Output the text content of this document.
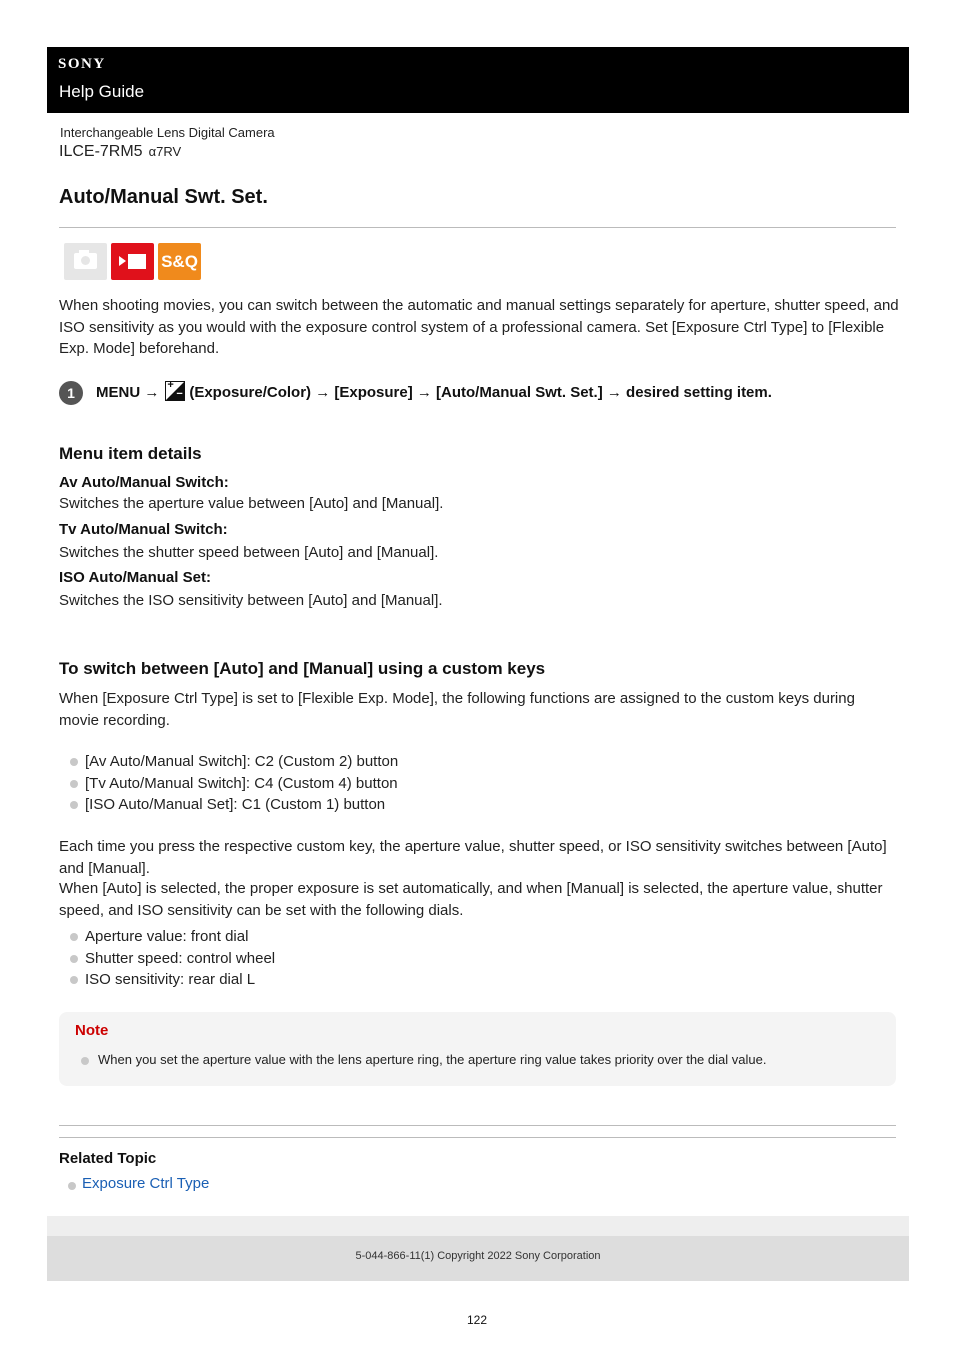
SONY
Help Guide
Interchangeable Lens Digital Camera
ILCE-7RM5 α7RV
Auto/Manual Swt. Set.
S&Q

When shooting movies, you can switch between the automatic and manual settings separately for aperture, shutter speed, and ISO sensitivity as you would with the exposure control system of a professional camera. Set [Exposure Ctrl Type] to [Flexible Exp. Mode] beforehand.

1	MENU → +
− (Exposure/Color) → [Exposure] → [Auto/Manual Swt. Set.] → desired setting item.
Menu item details
Av Auto/Manual Switch:
Switches the aperture value between [Auto] and [Manual].
Tv Auto/Manual Switch:
Switches the shutter speed between [Auto] and [Manual].
ISO Auto/Manual Set:
Switches the ISO sensitivity between [Auto] and [Manual].
To switch between [Auto] and [Manual] using a custom keys

When [Exposure Ctrl Type] is set to [Flexible Exp. Mode], the following functions are assigned to the custom keys during movie recording.

[Av Auto/Manual Switch]: C2 (Custom 2) button
[Tv Auto/Manual Switch]: C4 (Custom 4) button
[ISO Auto/Manual Set]: C1 (Custom 1) button

Each time you press the respective custom key, the aperture value, shutter speed, or ISO sensitivity switches between [Auto] and [Manual].

When [Auto] is selected, the proper exposure is set automatically, and when [Manual] is selected, the aperture value, shutter speed, and ISO sensitivity can be set with the following dials.

Aperture value: front dial
Shutter speed: control wheel
ISO sensitivity: rear dial L
Note
When you set the aperture value with the lens aperture ring, the aperture ring value takes priority over the dial value.
Related Topic
Exposure Ctrl Type
5-044-866-11(1) Copyright 2022 Sony Corporation
122
